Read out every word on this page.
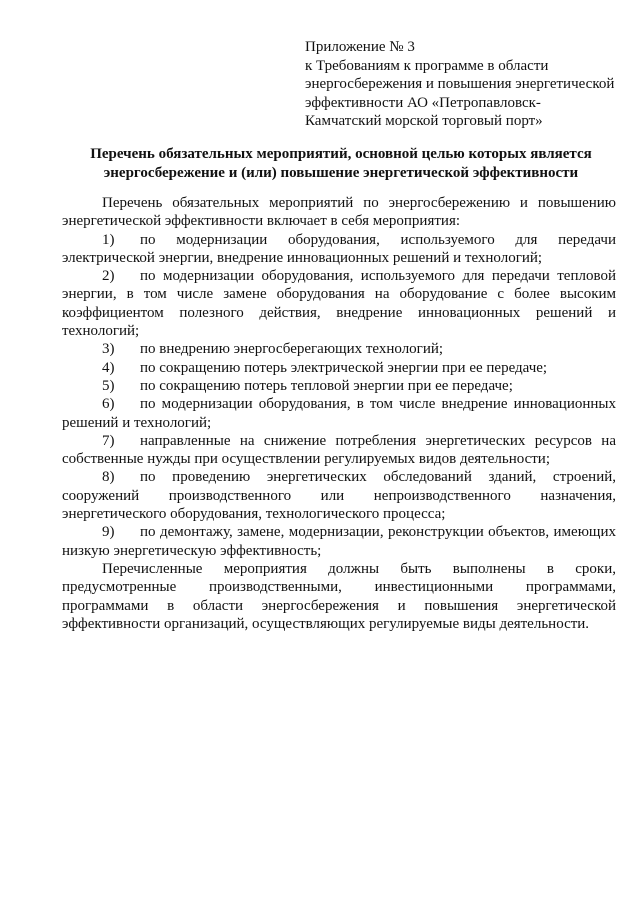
Приложение № 3
к Требованиям к программе в области
энергосбережения и повышения энергетической
эффективности АО «Петропавловск-
Камчатский морской торговый порт»
Перечень обязательных мероприятий, основной целью которых является
энергосбережение и (или) повышение энергетической эффективности

Перечень обязательных мероприятий по энергосбережению и повышению энергетической эффективности включает в себя мероприятия:

1) по модернизации оборудования, используемого для передачи электрической энергии, внедрение инновационных решений и технологий;

2) по модернизации оборудования, используемого для передачи тепловой энергии, в том числе замене оборудования на оборудование с более высоким коэффициентом полезного действия, внедрение инновационных решений и технологий;

3) по внедрению энергосберегающих технологий;

4) по сокращению потерь электрической энергии при ее передаче;

5) по сокращению потерь тепловой энергии при ее передаче;

6) по модернизации оборудования, в том числе внедрение инновационных решений и технологий;

7) направленные на снижение потребления энергетических ресурсов на собственные нужды при осуществлении регулируемых видов деятельности;

8) по проведению энергетических обследований зданий, строений, сооружений производственного или непроизводственного назначения, энергетического оборудования, технологического процесса;

9) по демонтажу, замене, модернизации, реконструкции объектов, имеющих низкую энергетическую эффективность;

Перечисленные мероприятия должны быть выполнены в сроки, предусмотренные производственными, инвестиционными программами, программами в области энергосбережения и повышения энергетической эффективности организаций, осуществляющих регулируемые виды деятельности.
